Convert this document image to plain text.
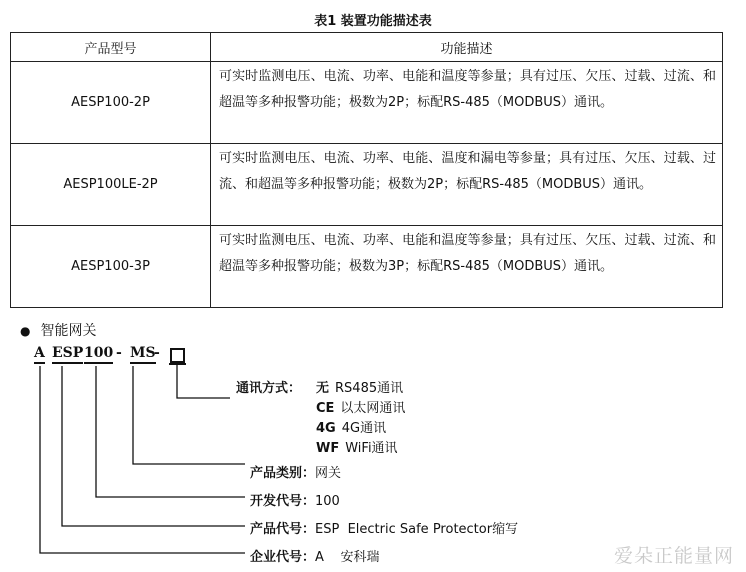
表1 装置功能描述表
产品型号	功能描述
AESP100-2P	可实时监测电压、电流、功率、电能和温度等参量；具有过压、欠压、过载、过流、和超温等多种报警功能；极数为2P；标配RS-485（MODBUS）通讯。
AESP100LE-2P	可实时监测电压、电流、功率、电能、温度和漏电等参量；具有过压、欠压、过载、过流、和超温等多种报警功能；极数为2P；标配RS-485（MODBUS）通讯。
AESP100-3P	可实时监测电压、电流、功率、电能和温度等参量；具有过压、欠压、过载、过流、和超温等多种报警功能；极数为3P；标配RS-485（MODBUS）通讯。
● 智能网关
A ESP 100 - MS
-
通讯方式： 无 RS485通讯
CE 以太网通讯
4G 4G通讯
WF WiFi通讯
产品类别：网关
开发代号：100
产品代号：ESP  Electric Safe Protector缩写
企业代号：A    安科瑞	爱朵正能量网
